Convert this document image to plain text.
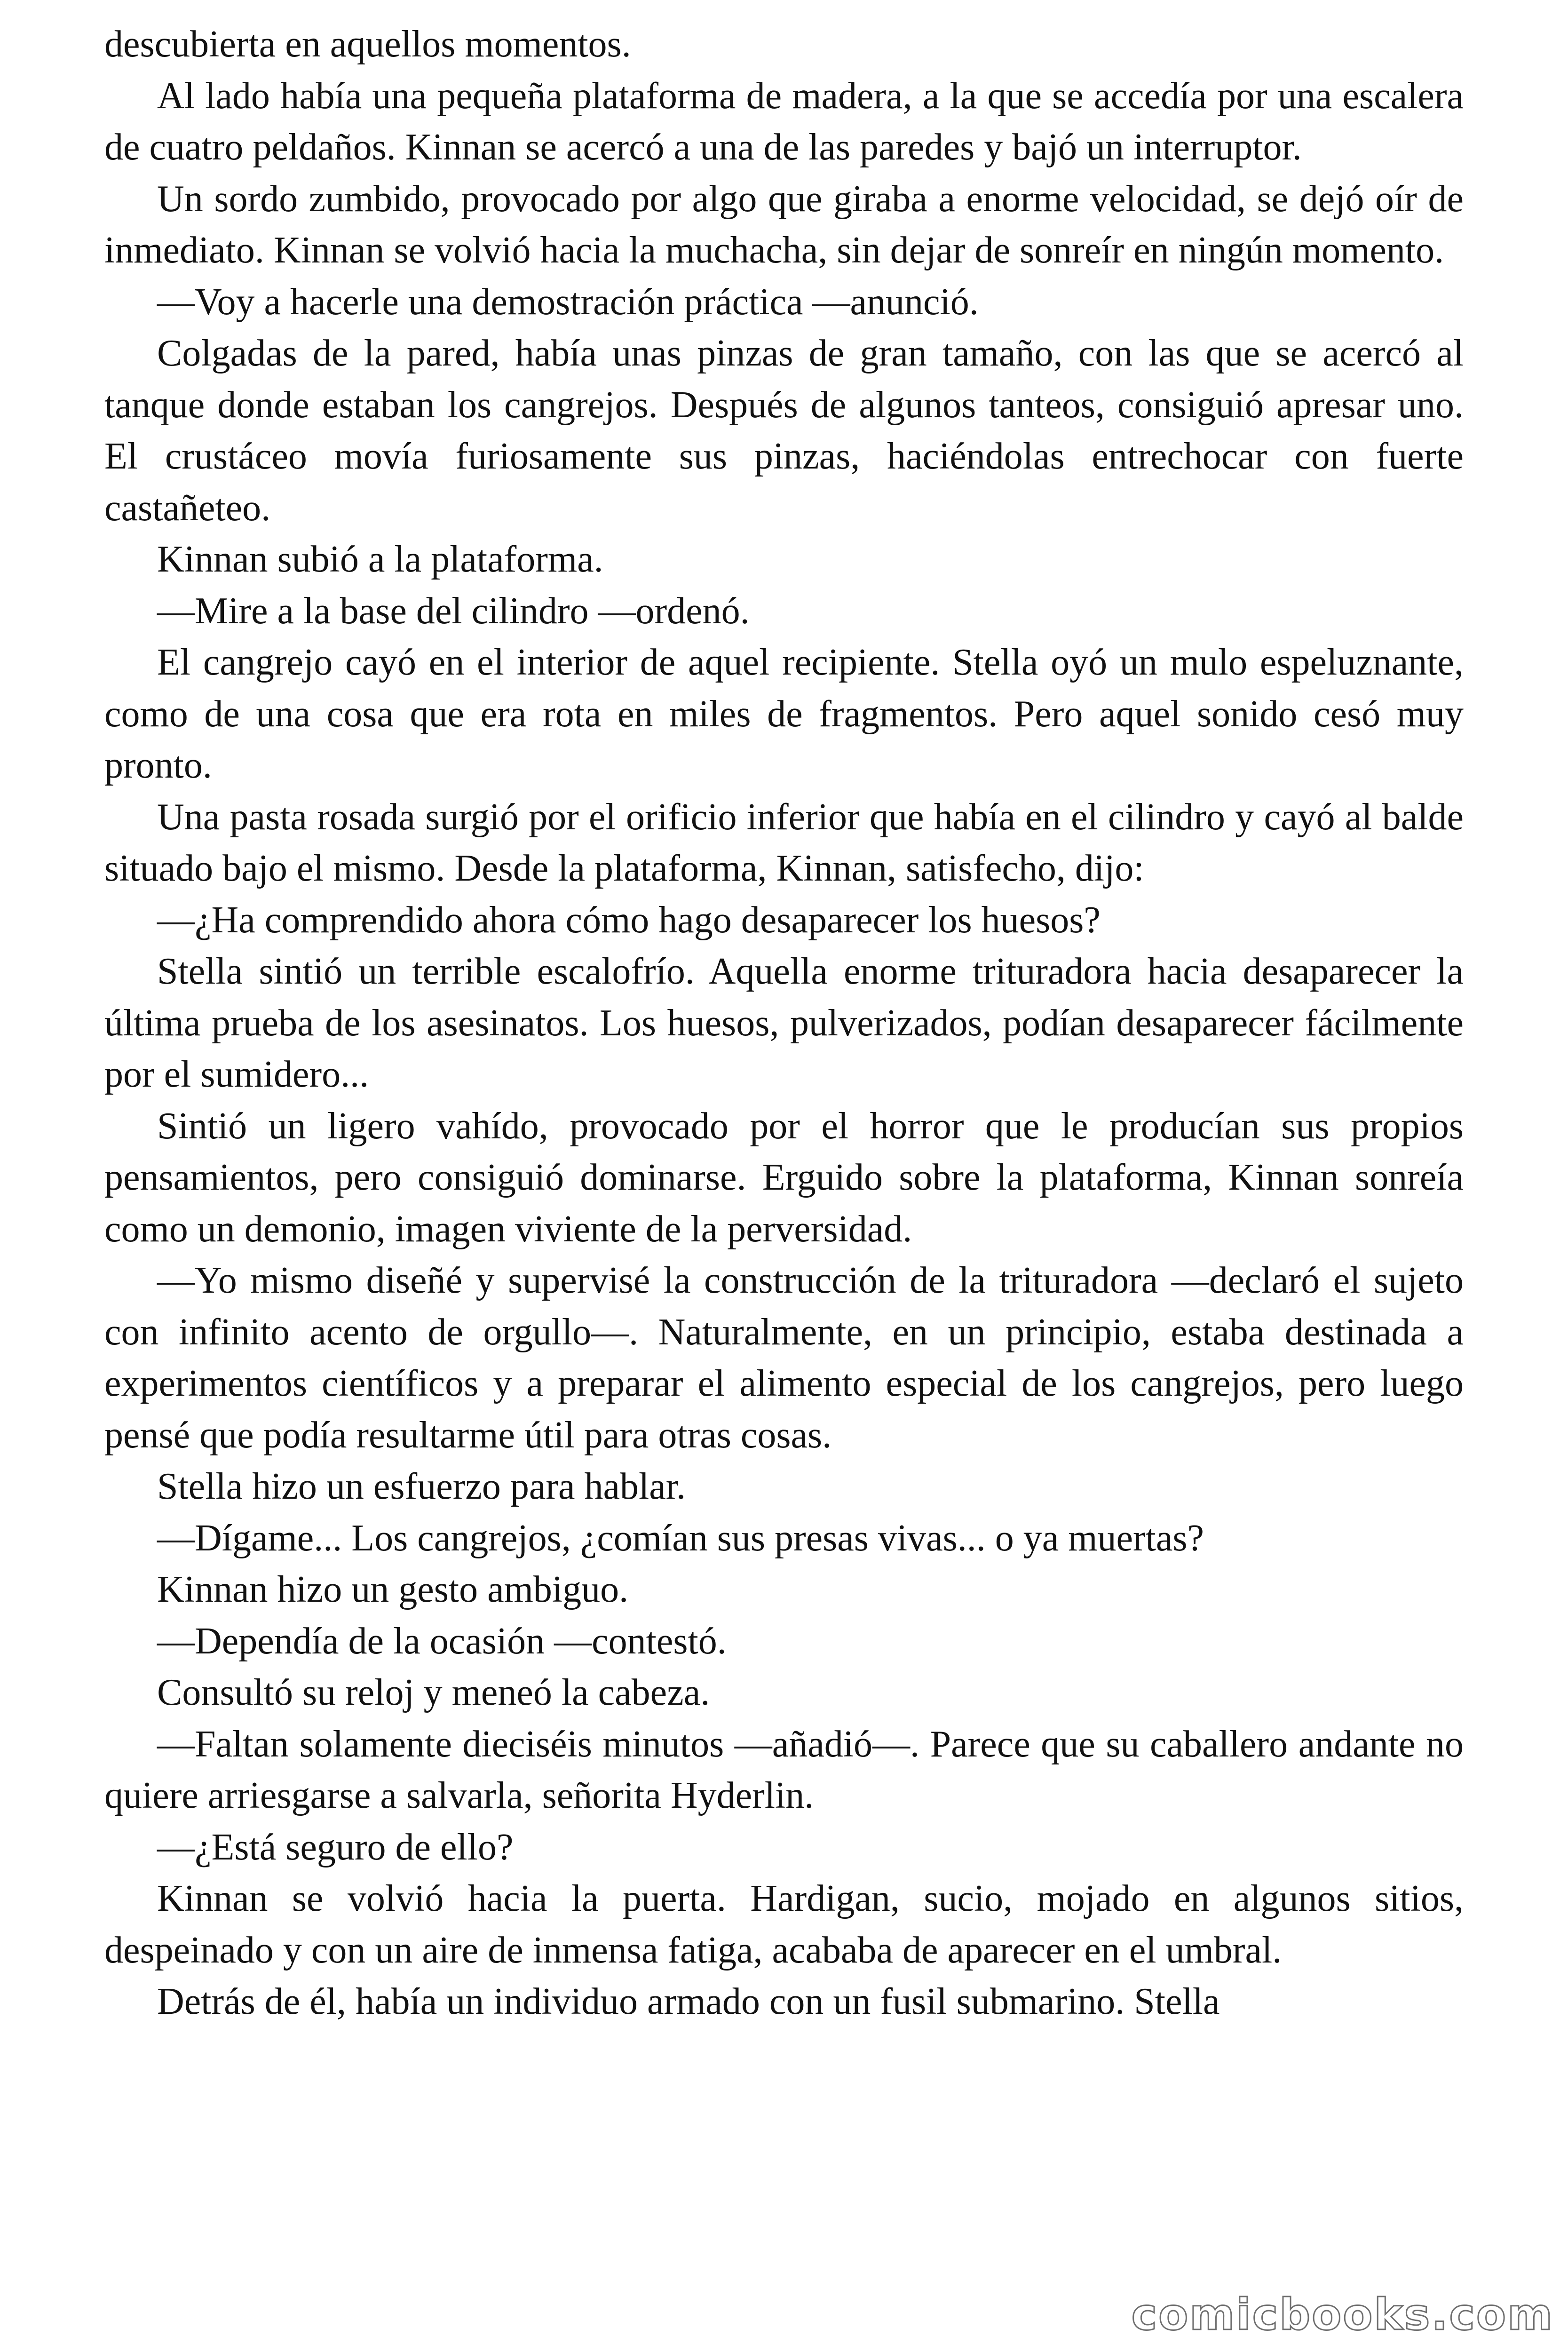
descubierta en aquellos momentos.

Al lado había una pequeña plataforma de madera, a la que se accedía por una escalera de cuatro peldaños. Kinnan se acercó a una de las paredes y bajó un interruptor.

Un sordo zumbido, provocado por algo que giraba a enorme velocidad, se dejó oír de inmediato. Kinnan se volvió hacia la muchacha, sin dejar de sonreír en ningún momento.

—Voy a hacerle una demostración práctica —anunció.

Colgadas de la pared, había unas pinzas de gran tamaño, con las que se acercó al tanque donde estaban los cangrejos. Después de algunos tanteos, consiguió apresar uno. El crustáceo movía furiosamente sus pinzas, haciéndolas entrechocar con fuerte castañeteo.

Kinnan subió a la plataforma.

—Mire a la base del cilindro —ordenó.

El cangrejo cayó en el interior de aquel recipiente. Stella oyó un mulo espeluznante, como de una cosa que era rota en miles de fragmentos. Pero aquel sonido cesó muy pronto.

Una pasta rosada surgió por el orificio inferior que había en el cilindro y cayó al balde situado bajo el mismo. Desde la plataforma, Kinnan, satisfecho, dijo:

—¿Ha comprendido ahora cómo hago desaparecer los huesos?

Stella sintió un terrible escalofrío. Aquella enorme trituradora hacia desaparecer la última prueba de los asesinatos. Los huesos, pulverizados, podían desaparecer fácilmente por el sumidero...

Sintió un ligero vahído, provocado por el horror que le producían sus propios pensamientos, pero consiguió dominarse. Erguido sobre la plataforma, Kinnan sonreía como un demonio, imagen viviente de la perversidad.

—Yo mismo diseñé y supervisé la construcción de la trituradora —declaró el sujeto con infinito acento de orgullo—. Naturalmente, en un principio, estaba destinada a experimentos científicos y a preparar el alimento especial de los cangrejos, pero luego pensé que podía resultarme útil para otras cosas.

Stella hizo un esfuerzo para hablar.

—Dígame... Los cangrejos, ¿comían sus presas vivas... o ya muertas?

Kinnan hizo un gesto ambiguo.

—Dependía de la ocasión —contestó.

Consultó su reloj y meneó la cabeza.

—Faltan solamente dieciséis minutos —añadió—. Parece que su caballero andante no quiere arriesgarse a salvarla, señorita Hyderlin.

—¿Está seguro de ello?

Kinnan se volvió hacia la puerta. Hardigan, sucio, mojado en algunos sitios, despeinado y con un aire de inmensa fatiga, acababa de aparecer en el umbral.

Detrás de él, había un individuo armado con un fusil submarino. Stella

comicbooks.com
